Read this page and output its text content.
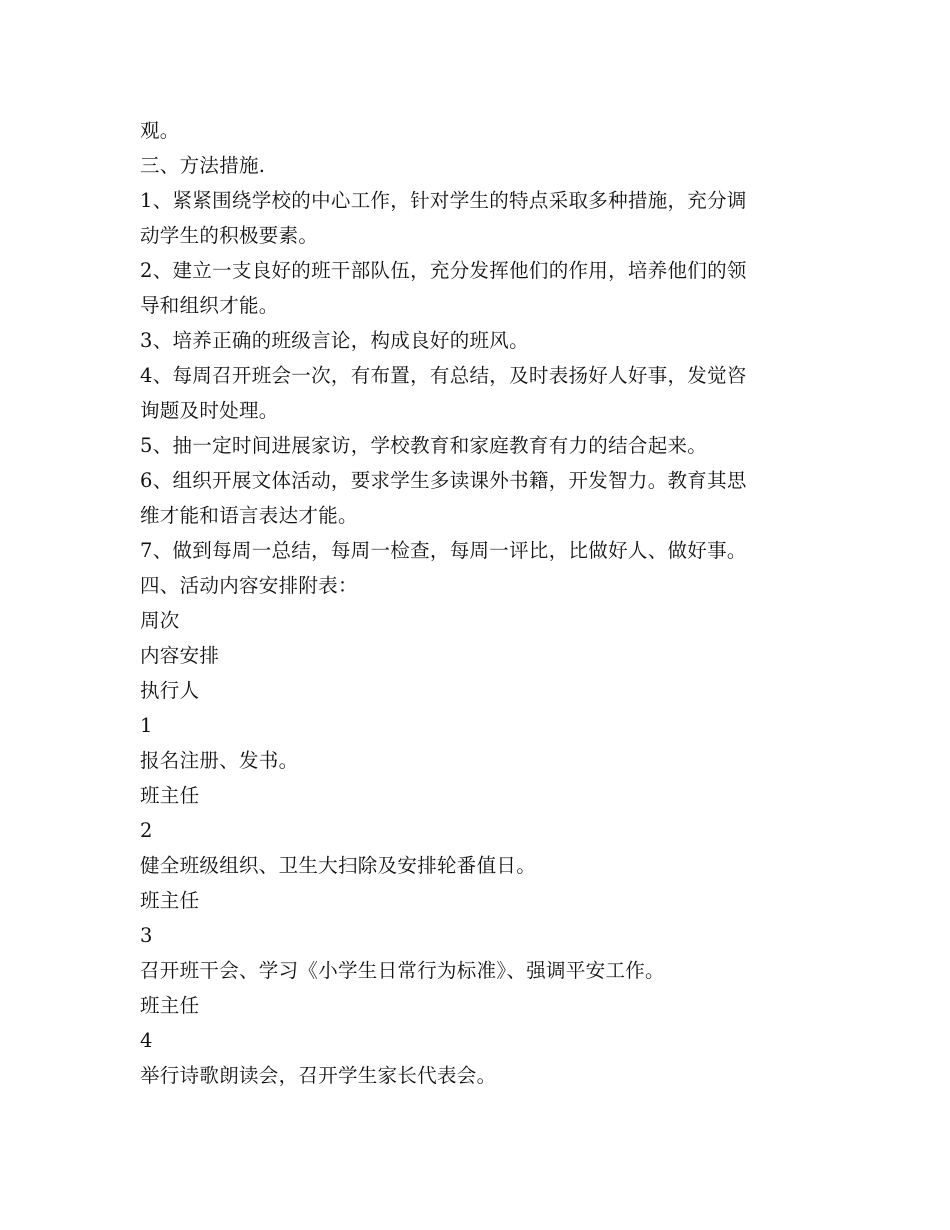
观。
三、方法措施.
1、紧紧围绕学校的中心工作，针对学生的特点采取多种措施，充分调
动学生的积极要素。
2、建立一支良好的班干部队伍，充分发挥他们的作用，培养他们的领
导和组织才能。
3、培养正确的班级言论，构成良好的班风。
4、每周召开班会一次，有布置，有总结，及时表扬好人好事，发觉咨
询题及时处理。
5、抽一定时间进展家访，学校教育和家庭教育有力的结合起来。
6、组织开展文体活动，要求学生多读课外书籍，开发智力。教育其思
维才能和语言表达才能。
7、做到每周一总结，每周一检查，每周一评比，比做好人、做好事。
四、活动内容安排附表：
周次
内容安排
执行人
1
报名注册、发书。
班主任
2
健全班级组织、卫生大扫除及安排轮番值日。
班主任
3
召开班干会、学习《小学生日常行为标准》、强调平安工作。
班主任
4
举行诗歌朗读会，召开学生家长代表会。
